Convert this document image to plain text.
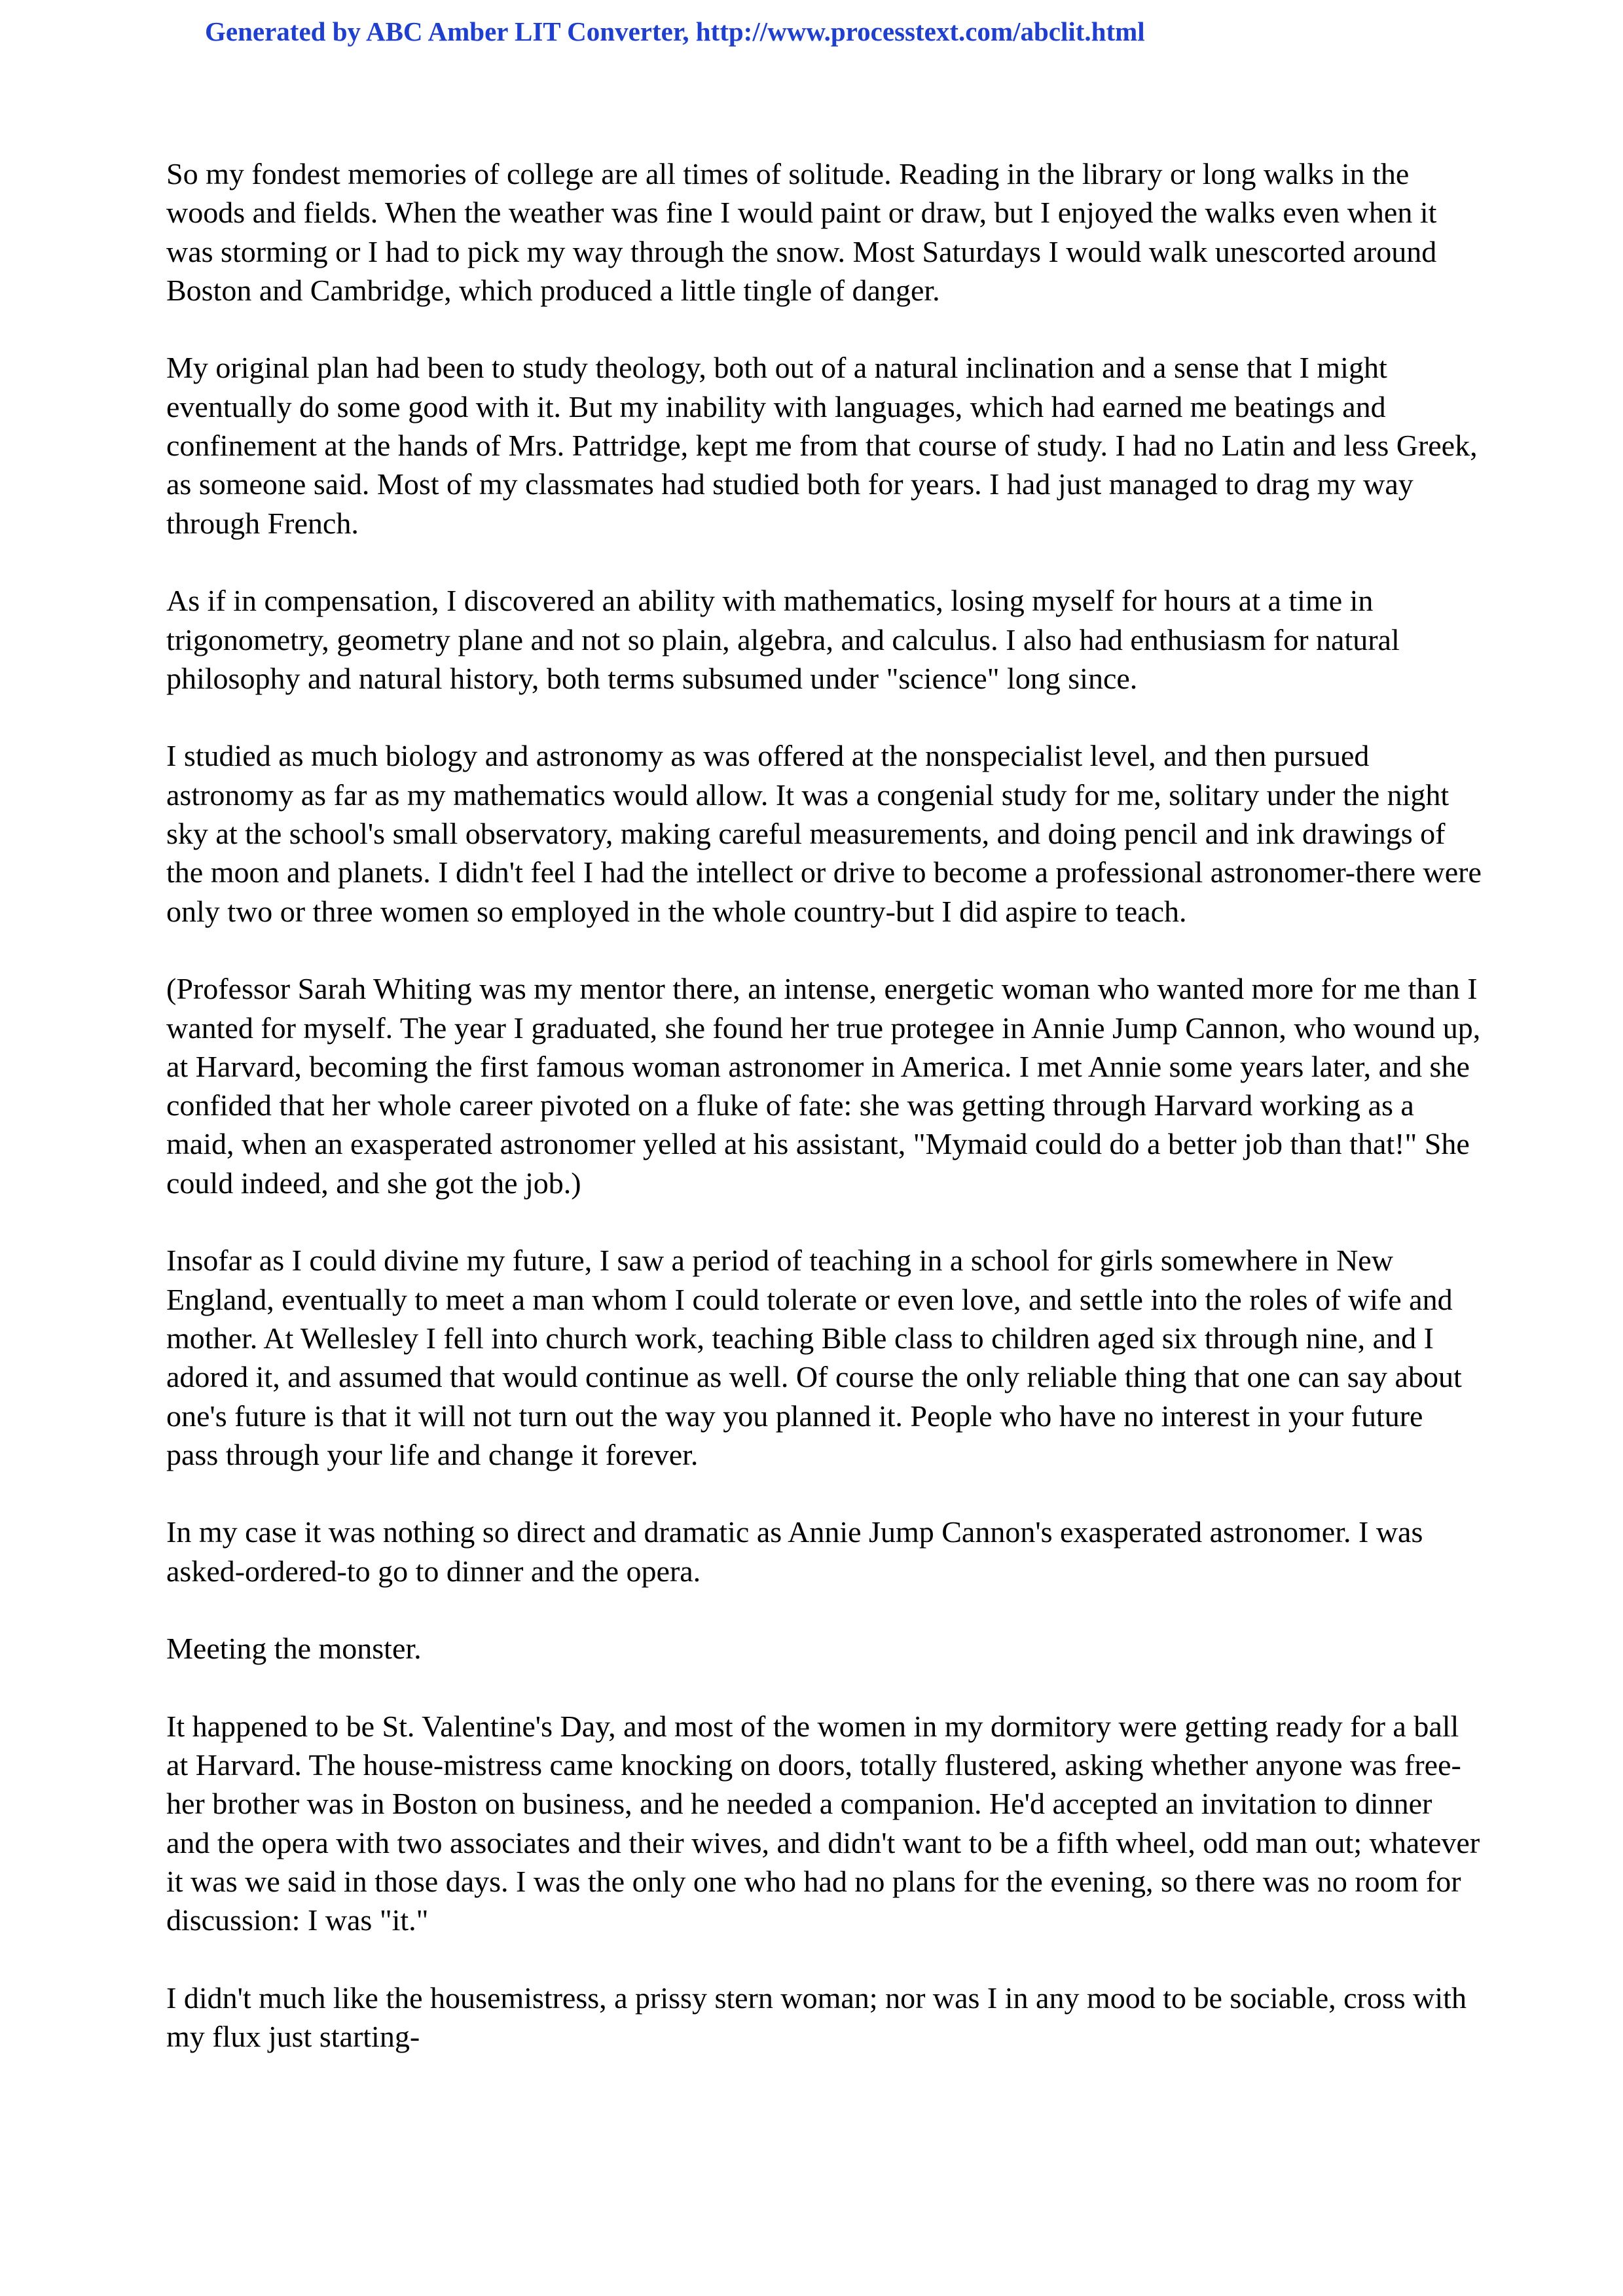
Generated by ABC Amber LIT Converter, http://www.processtext.com/abclit.html

So my fondest memories of college are all times of solitude. Reading in the library or long walks in the woods and fields. When the weather was fine I would paint or draw, but I enjoyed the walks even when it was storming or I had to pick my way through the snow. Most Saturdays I would walk unescorted around Boston and Cambridge, which produced a little tingle of danger.

My original plan had been to study theology, both out of a natural inclination and a sense that I might eventually do some good with it. But my inability with languages, which had earned me beatings and confinement at the hands of Mrs. Pattridge, kept me from that course of study. I had no Latin and less Greek, as someone said. Most of my classmates had studied both for years. I had just managed to drag my way through French.

As if in compensation, I discovered an ability with mathematics, losing myself for hours at a time in trigonometry, geometry plane and not so plain, algebra, and calculus. I also had enthusiasm for natural philosophy and natural history, both terms subsumed under "science" long since.

I studied as much biology and astronomy as was offered at the nonspecialist level, and then pursued astronomy as far as my mathematics would allow. It was a congenial study for me, solitary under the night sky at the school's small observatory, making careful measurements, and doing pencil and ink drawings of the moon and planets. I didn't feel I had the intellect or drive to become a professional astronomer-there were only two or three women so employed in the whole country-but I did aspire to teach.

(Professor Sarah Whiting was my mentor there, an intense, energetic woman who wanted more for me than I wanted for myself. The year I graduated, she found her true protegee in Annie Jump Cannon, who wound up, at Harvard, becoming the first famous woman astronomer in America. I met Annie some years later, and she confided that her whole career pivoted on a fluke of fate: she was getting through Harvard working as a maid, when an exasperated astronomer yelled at his assistant, "Mymaid could do a better job than that!" She could indeed, and she got the job.)

Insofar as I could divine my future, I saw a period of teaching in a school for girls somewhere in New England, eventually to meet a man whom I could tolerate or even love, and settle into the roles of wife and mother. At Wellesley I fell into church work, teaching Bible class to children aged six through nine, and I adored it, and assumed that would continue as well. Of course the only reliable thing that one can say about one's future is that it will not turn out the way you planned it. People who have no interest in your future pass through your life and change it forever.

In my case it was nothing so direct and dramatic as Annie Jump Cannon's exasperated astronomer. I was asked-ordered-to go to dinner and the opera.

Meeting the monster.

It happened to be St. Valentine's Day, and most of the women in my dormitory were getting ready for a ball at Harvard. The house-mistress came knocking on doors, totally flustered, asking whether anyone was free-her brother was in Boston on business, and he needed a companion. He'd accepted an invitation to dinner and the opera with two associates and their wives, and didn't want to be a fifth wheel, odd man out; whatever it was we said in those days. I was the only one who had no plans for the evening, so there was no room for discussion: I was "it."

I didn't much like the housemistress, a prissy stern woman; nor was I in any mood to be sociable, cross with my flux just starting-
